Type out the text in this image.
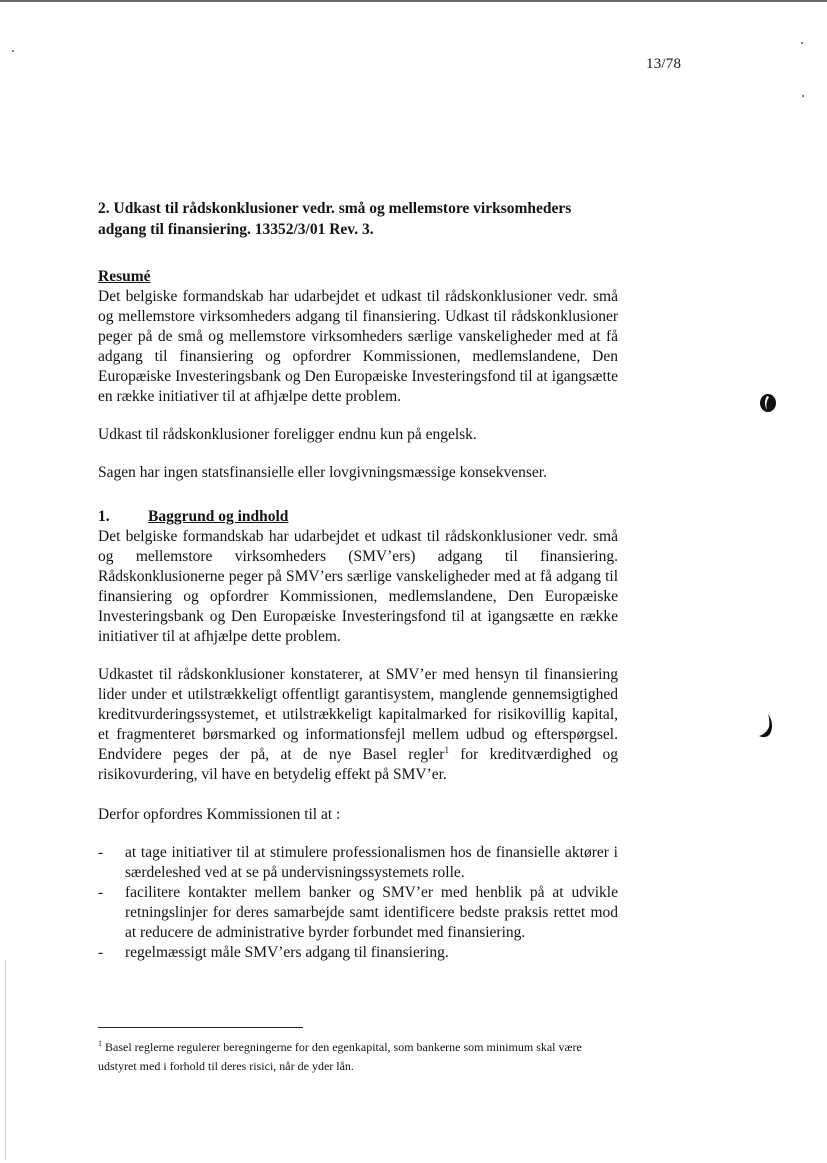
13/78

2. Udkast til rådskonklusioner vedr. små og mellemstore virksomheders adgang til finansiering. 13352/3/01 Rev. 3.

Resumé

Det belgiske formandskab har udarbejdet et udkast til rådskonklusioner vedr. små og mellemstore virksomheders adgang til finansiering. Udkast til rådskonklusioner peger på de små og mellemstore virksomheders særlige vanskeligheder med at få adgang til finansiering og opfordrer Kommissionen, medlemslandene, Den Europæiske Investeringsbank og Den Europæiske Investeringsfond til at igangsætte en række initiativer til at afhjælpe dette problem.

Udkast til rådskonklusioner foreligger endnu kun på engelsk.

Sagen har ingen statsfinansielle eller lovgivningsmæssige konsekvenser.

1.	Baggrund og indhold

Det belgiske formandskab har udarbejdet et udkast til rådskonklusioner vedr. små og mellemstore virksomheders (SMV’ers) adgang til finansiering. Rådskonklusionerne peger på SMV’ers særlige vanskeligheder med at få adgang til finansiering og opfordrer Kommissionen, medlemslandene, Den Europæiske Investeringsbank og Den Europæiske Investeringsfond til at igangsætte en række initiativer til at afhjælpe dette problem.

Udkastet til rådskonklusioner konstaterer, at SMV’er med hensyn til finansiering lider under et utilstrækkeligt offentligt garantisystem, manglende gennemsigtighed kreditvurderingssystemet, et utilstrækkeligt kapitalmarked for risikovillig kapital, et fragmenteret børsmarked og informationsfejl mellem udbud og efterspørgsel. Endvidere peges der på, at de nye Basel regler$^1$ for kreditværdighed og risikovurdering, vil have en betydelig effekt på SMV’er.

Derfor opfordres Kommissionen til at :

-	at tage initiativer til at stimulere professionalismen hos de finansielle aktører i særdeleshed ved at se på undervisningssystemets rolle.
-	facilitere kontakter mellem banker og SMV’er med henblik på at udvikle retningslinjer for deres samarbejde samt identificere bedste praksis rettet mod at reducere de administrative byrder forbundet med finansiering.
-	regelmæssigt måle SMV’ers adgang til finansiering.
$^1$ Basel reglerne regulerer beregningerne for den egenkapital, som bankerne som minimum skal være udstyret med i forhold til deres risici, når de yder lån.
